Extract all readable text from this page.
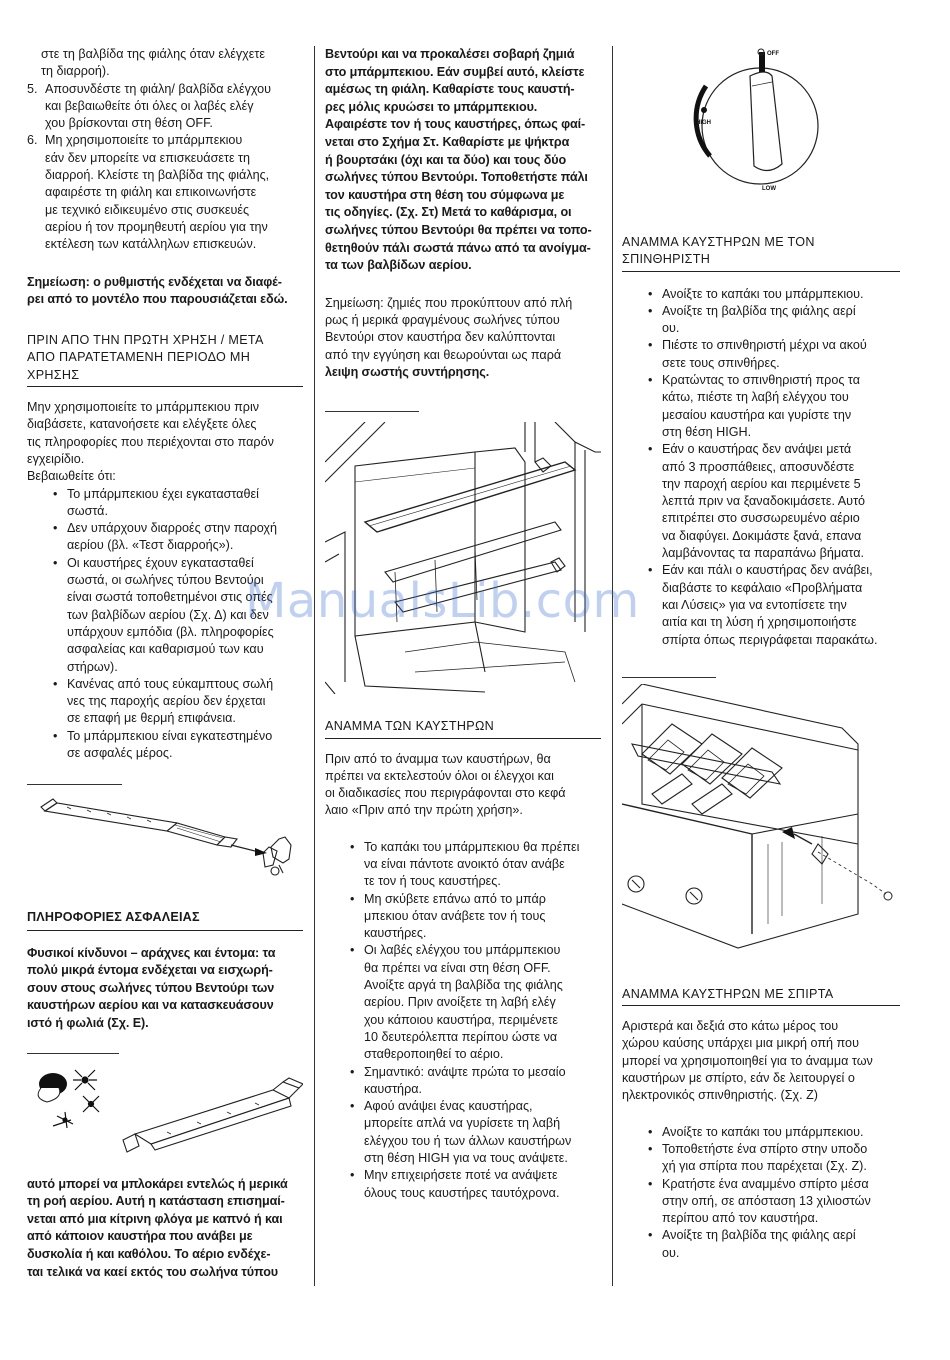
στε τη βαλβίδα της φιάλης όταν ελέγχετε
τη διαρροή).
5. Αποσυνδέστε τη φιάλη/ βαλβίδα ελέγχου
και βεβαιωθείτε ότι όλες οι λαβές ελέγ
χου βρίσκονται στη θέση OFF.
6. Μη χρησιμοποιείτε το μπάρμπεκιου
εάν δεν μπορείτε να επισκευάσετε τη
διαρροή. Κλείστε τη βαλβίδα της φιάλης,
αφαιρέστε τη φιάλη και επικοινωνήστε
με τεχνικό ειδικευμένο στις συσκευές
αερίου ή τον προμηθευτή αερίου για την
εκτέλεση των κατάλληλων επισκευών.
Σημείωση: ο ρυθμιστής ενδέχεται να διαφέ-
ρει από το μοντέλο που παρουσιάζεται εδώ.
ΠΡΙΝ ΑΠΟ ΤΗΝ ΠΡΩΤΗ ΧΡΗΣΗ / ΜΕΤΑ
ΑΠΟ ΠΑΡΑΤΕΤΑΜΕΝΗ ΠΕΡΙΟΔΟ ΜΗ
ΧΡΗΣΗΣ
Μην χρησιμοποιείτε το μπάρμπεκιου πριν
διαβάσετε, κατανοήσετε και ελέγξετε όλες
τις πληροφορίες που περιέχονται στο παρόν
εγχειρίδιο.
Βεβαιωθείτε ότι:
• Το μπάρμπεκιου έχει εγκατασταθεί
σωστά.
• Δεν υπάρχουν διαρροές στην παροχή
αερίου (βλ. «Τεστ διαρροής»).
• Οι καυστήρες έχουν εγκατασταθεί
σωστά, οι σωλήνες τύπου Βεντούρι
είναι σωστά τοποθετημένοι στις οπές
των βαλβίδων αερίου (Σχ. Δ) και δεν
υπάρχουν εμπόδια (βλ. πληροφορίες
ασφαλείας και καθαρισμού των καυ
στήρων).
• Κανένας από τους εύκαμπτους σωλή
νες της παροχής αερίου δεν έρχεται
σε επαφή με θερμή επιφάνεια.
• Το μπάρμπεκιου είναι εγκατεστημένο
σε ασφαλές μέρος.
ΠΛΗΡΟΦΟΡΙΕΣ ΑΣΦΑΛΕΙΑΣ
Φυσικοί κίνδυνοι – αράχνες και έντομα: τα
πολύ μικρά έντομα ενδέχεται να εισχωρή-
σουν στους σωλήνες τύπου Βεντούρι των
καυστήρων αερίου και να κατασκευάσουν
ιστό ή φωλιά (Σχ. Ε).
αυτό μπορεί να μπλοκάρει εντελώς ή μερικά
τη ροή αερίου. Αυτή η κατάσταση επισημαί-
νεται από μια κίτρινη φλόγα με καπνό ή και
από κάποιον καυστήρα που ανάβει με
δυσκολία ή και καθόλου. Το αέριο ενδέχε-
ται τελικά να καεί εκτός του σωλήνα τύπου
Βεντούρι και να προκαλέσει σοβαρή ζημιά
στο μπάρμπεκιου. Εάν συμβεί αυτό, κλείστε
αμέσως τη φιάλη. Καθαρίστε τους καυστή-
ρες μόλις κρυώσει το μπάρμπεκιου.
Αφαιρέστε τον ή τους καυστήρες, όπως φαί-
νεται στο Σχήμα Στ. Καθαρίστε με ψήκτρα
ή βουρτσάκι (όχι και τα δύο) και τους δύο
σωλήνες τύπου Βεντούρι. Τοποθετήστε πάλι
τον καυστήρα στη θέση του σύμφωνα με
τις οδηγίες. (Σχ. Στ) Μετά το καθάρισμα, οι
σωλήνες τύπου Βεντούρι θα πρέπει να τοπο-
θετηθούν πάλι σωστά πάνω από τα ανοίγμα-
τα των βαλβίδων αερίου.
Σημείωση: ζημιές που προκύπτουν από πλή
ρως ή μερικά φραγμένους σωλήνες τύπου
Βεντούρι στον καυστήρα δεν καλύπτονται
από την εγγύηση και θεωρούνται ως παρά
λειψη σωστής συντήρησης.
ΑΝΑΜΜΑ ΤΩΝ ΚΑΥΣΤΗΡΩΝ
Πριν από το άναμμα των καυστήρων, θα
πρέπει να εκτελεστούν όλοι οι έλεγχοι και
οι διαδικασίες που περιγράφονται στο κεφά
λαιο «Πριν από την πρώτη χρήση».
• Το καπάκι του μπάρμπεκιου θα πρέπει
να είναι πάντοτε ανοικτό όταν ανάβε
τε τον ή τους καυστήρες.
• Μη σκύβετε επάνω από το μπάρ
μπεκιου όταν ανάβετε τον ή τους
καυστήρες.
• Οι λαβές ελέγχου του μπάρμπεκιου
θα πρέπει να είναι στη θέση OFF.
Ανοίξτε αργά τη βαλβίδα της φιάλης
αερίου. Πριν ανοίξετε τη λαβή ελέγ
χου κάποιου καυστήρα, περιμένετε
10 δευτερόλεπτα περίπου ώστε να
σταθεροποιηθεί το αέριο.
• Σημαντικό: ανάψτε πρώτα το μεσαίο
καυστήρα.
• Αφού ανάψει ένας καυστήρας,
μπορείτε απλά να γυρίσετε τη λαβή
ελέγχου του ή των άλλων καυστήρων
στη θέση HIGH για να τους ανάψετε.
• Μην επιχειρήσετε ποτέ να ανάψετε
όλους τους καυστήρες ταυτόχρονα.
OFF
HIGH
LOW
ΑΝΑΜΜΑ ΚΑΥΣΤΗΡΩΝ ΜΕ ΤΟΝ
ΣΠΙΝΘΗΡΙΣΤΗ
• Ανοίξτε το καπάκι του μπάρμπεκιου.
• Ανοίξτε τη βαλβίδα της φιάλης αερί
ου.
• Πιέστε το σπινθηριστή μέχρι να ακού
σετε τους σπινθήρες.
• Κρατώντας το σπινθηριστή προς τα
κάτω, πιέστε τη λαβή ελέγχου του
μεσαίου καυστήρα και γυρίστε την
στη θέση HIGH.
• Εάν ο καυστήρας δεν ανάψει μετά
από 3 προσπάθειες, αποσυνδέστε
την παροχή αερίου και περιμένετε 5
λεπτά πριν να ξαναδοκιμάσετε. Αυτό
επιτρέπει στο συσσωρευμένο αέριο
να διαφύγει. Δοκιμάστε ξανά, επανα
λαμβάνοντας τα παραπάνω βήματα.
• Εάν και πάλι ο καυστήρας δεν ανάβει,
διαβάστε το κεφάλαιο «Προβλήματα
και Λύσεις» για να εντοπίσετε την
αιτία και τη λύση ή χρησιμοποιήστε
σπίρτα όπως περιγράφεται παρακάτω.
ΑΝΑΜΜΑ ΚΑΥΣΤΗΡΩΝ ΜΕ ΣΠΙΡΤΑ
Αριστερά και δεξιά στο κάτω μέρος του
χώρου καύσης υπάρχει μια μικρή οπή που
μπορεί να χρησιμοποιηθεί για το άναμμα των
καυστήρων με σπίρτο, εάν δε λειτουργεί ο
ηλεκτρονικός σπινθηριστής. (Σχ. Ζ)
• Ανοίξτε το καπάκι του μπάρμπεκιου.
• Τοποθετήστε ένα σπίρτο στην υποδο
χή για σπίρτα που παρέχεται (Σχ. Ζ).
• Κρατήστε ένα αναμμένο σπίρτο μέσα
στην οπή, σε απόσταση 13 χιλιοστών
περίπου από τον καυστήρα.
• Ανοίξτε τη βαλβίδα της φιάλης αερί
ου.
ManualsLib.com
